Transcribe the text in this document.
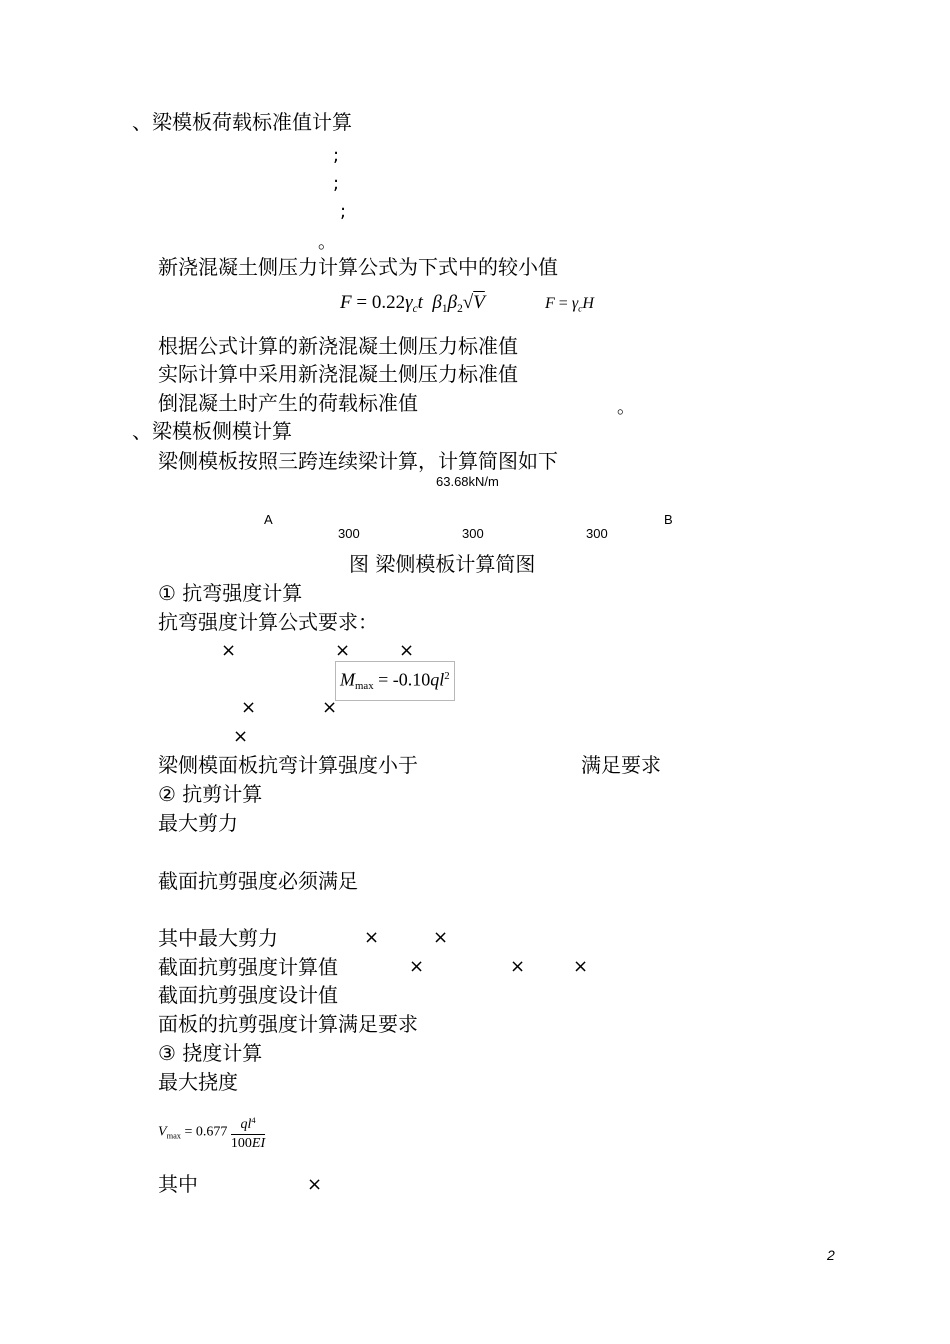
、梁模板荷载标准值计算
;
;
;
。
新浇混凝土侧压力计算公式为下式中的较小值
$F = 0.22\gamma_ct$ $\beta_1\beta_2√V$	$F = \gamma_cH$
根据公式计算的新浇混凝土侧压力标准值
实际计算中采用新浇混凝土侧压力标准值
倒混凝土时产生的荷载标准值	。
、梁模板侧模计算
梁侧模板按照三跨连续梁计算，计算简图如下
63.68kN/m
A	B
300	300	300
图 梁侧模板计算简图
① 抗弯强度计算
抗弯强度计算公式要求：
×	×	×
$M_{max} = -0.10ql^2$
×	×
×
梁侧模面板抗弯计算强度小于	满足要求
② 抗剪计算
最大剪力
截面抗剪强度必须满足
其中最大剪力	×	×
截面抗剪强度计算值	×	×	×
截面抗剪强度设计值
面板的抗剪强度计算满足要求
③ 挠度计算
最大挠度
$V_{max} = 0.677 \frac{ql^4}{100EI}$
其中	×
2
